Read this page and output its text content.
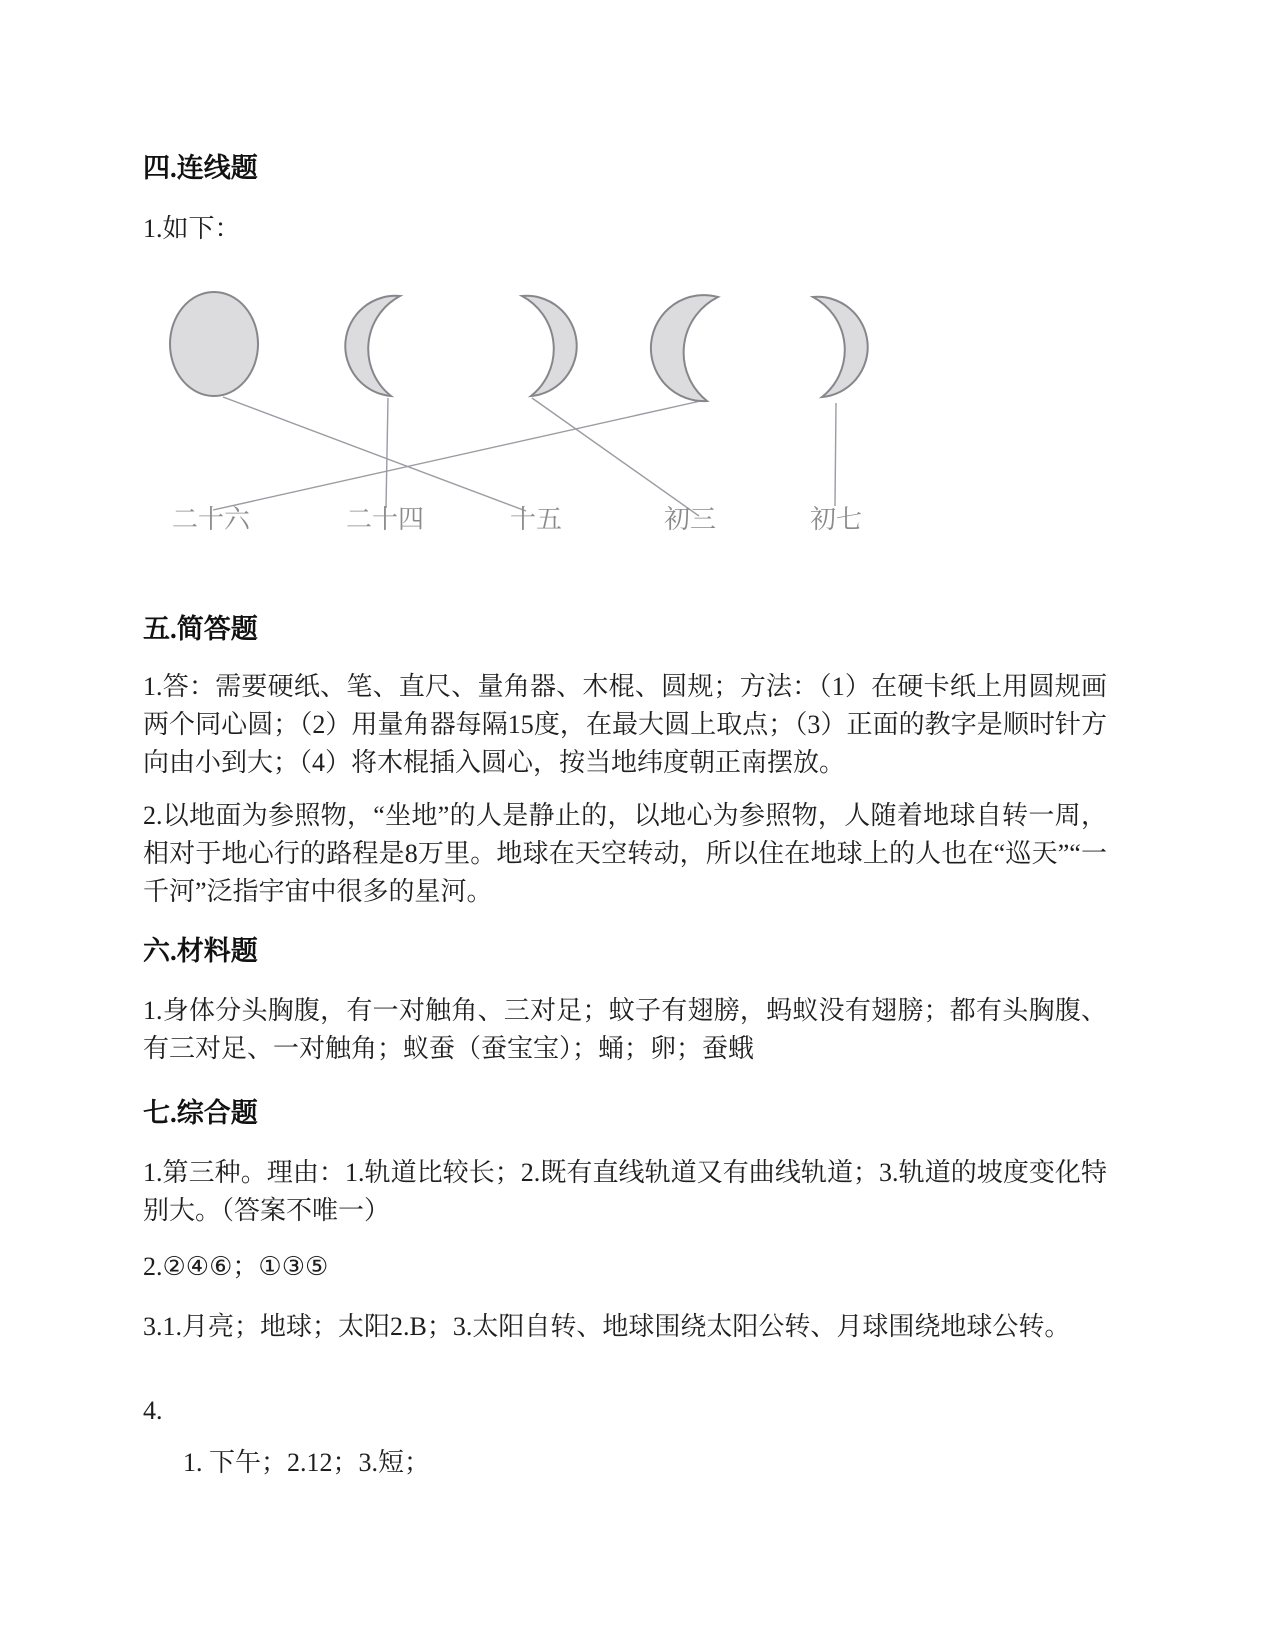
四.连线题
1.如下：
二十六	二十四	十五	初三	初七
五.简答题
1.答：需要硬纸、笔、直尺、量角器、木棍、圆规；方法：（1）在硬卡纸上用圆规画两个同心圆；（2）用量角器每隔15度，在最大圆上取点；（3）正面的教字是顺时针方向由小到大；（4）将木棍插入圆心，按当地纬度朝正南摆放。
2.以地面为参照物，“坐地”的人是静止的，以地心为参照物，人随着地球自转一周，相对于地心行的路程是8万里。地球在天空转动，所以住在地球上的人也在“巡天”“一千河”泛指宇宙中很多的星河。
六.材料题
1.身体分头胸腹，有一对触角、三对足；蚊子有翅膀，蚂蚁没有翅膀；都有头胸腹、有三对足、一对触角；蚁蚕（蚕宝宝）；蛹；卵；蚕蛾
七.综合题
1.第三种。理由：1.轨道比较长；2.既有直线轨道又有曲线轨道；3.轨道的坡度变化特别大。（答案不唯一）
2.②④⑥；①③⑤
3.1.月亮；地球；太阳2.B；3.太阳自转、地球围绕太阳公转、月球围绕地球公转。
4.
1. 下午；2.12；3.短；
